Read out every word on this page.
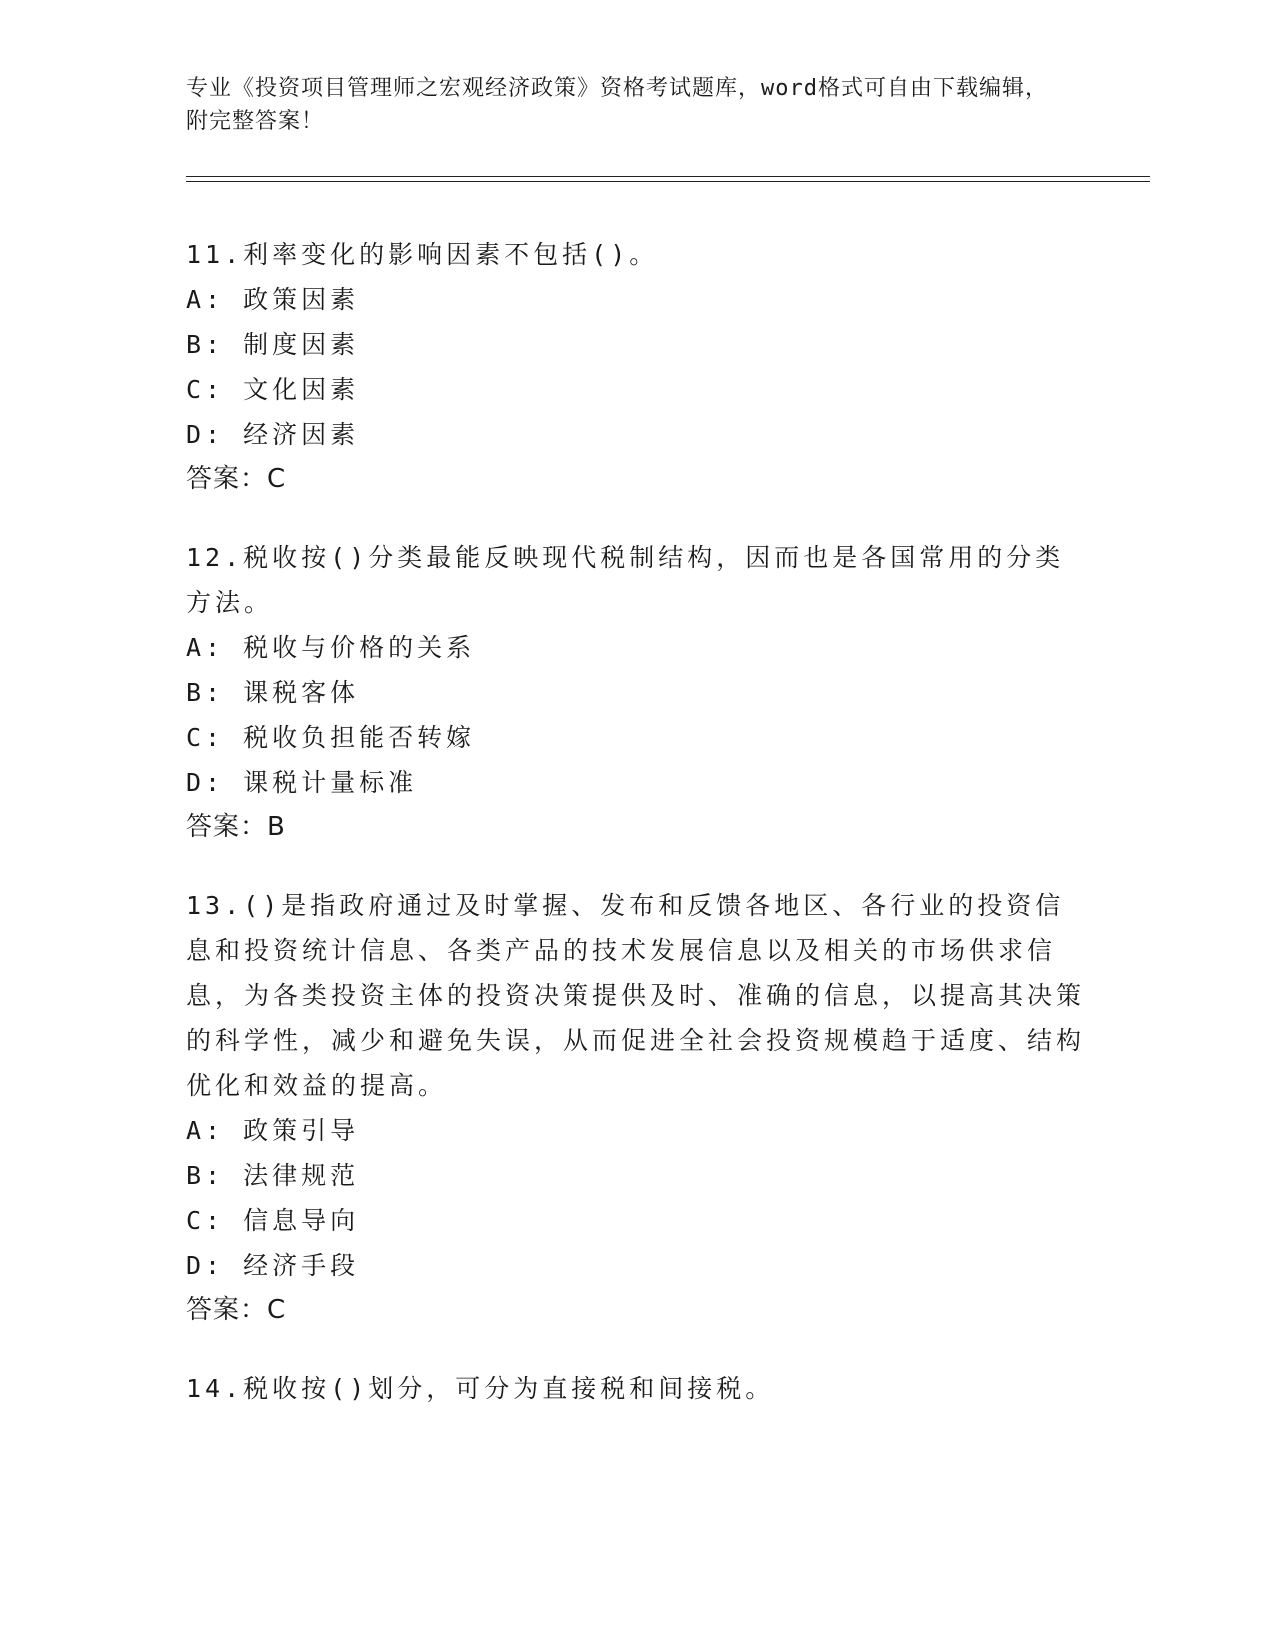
专业《投资项目管理师之宏观经济政策》资格考试题库，word格式可自由下载编辑，附完整答案！

11.利率变化的影响因素不包括()。

A: 政策因素

B: 制度因素

C: 文化因素

D: 经济因素

答案：C

12.税收按()分类最能反映现代税制结构，因而也是各国常用的分类方法。

A: 税收与价格的关系

B: 课税客体

C: 税收负担能否转嫁

D: 课税计量标准

答案：B

13.()是指政府通过及时掌握、发布和反馈各地区、各行业的投资信息和投资统计信息、各类产品的技术发展信息以及相关的市场供求信息，为各类投资主体的投资决策提供及时、准确的信息，以提高其决策的科学性，减少和避免失误，从而促进全社会投资规模趋于适度、结构优化和效益的提高。

A: 政策引导

B: 法律规范

C: 信息导向

D: 经济手段

答案：C

14.税收按()划分，可分为直接税和间接税。
